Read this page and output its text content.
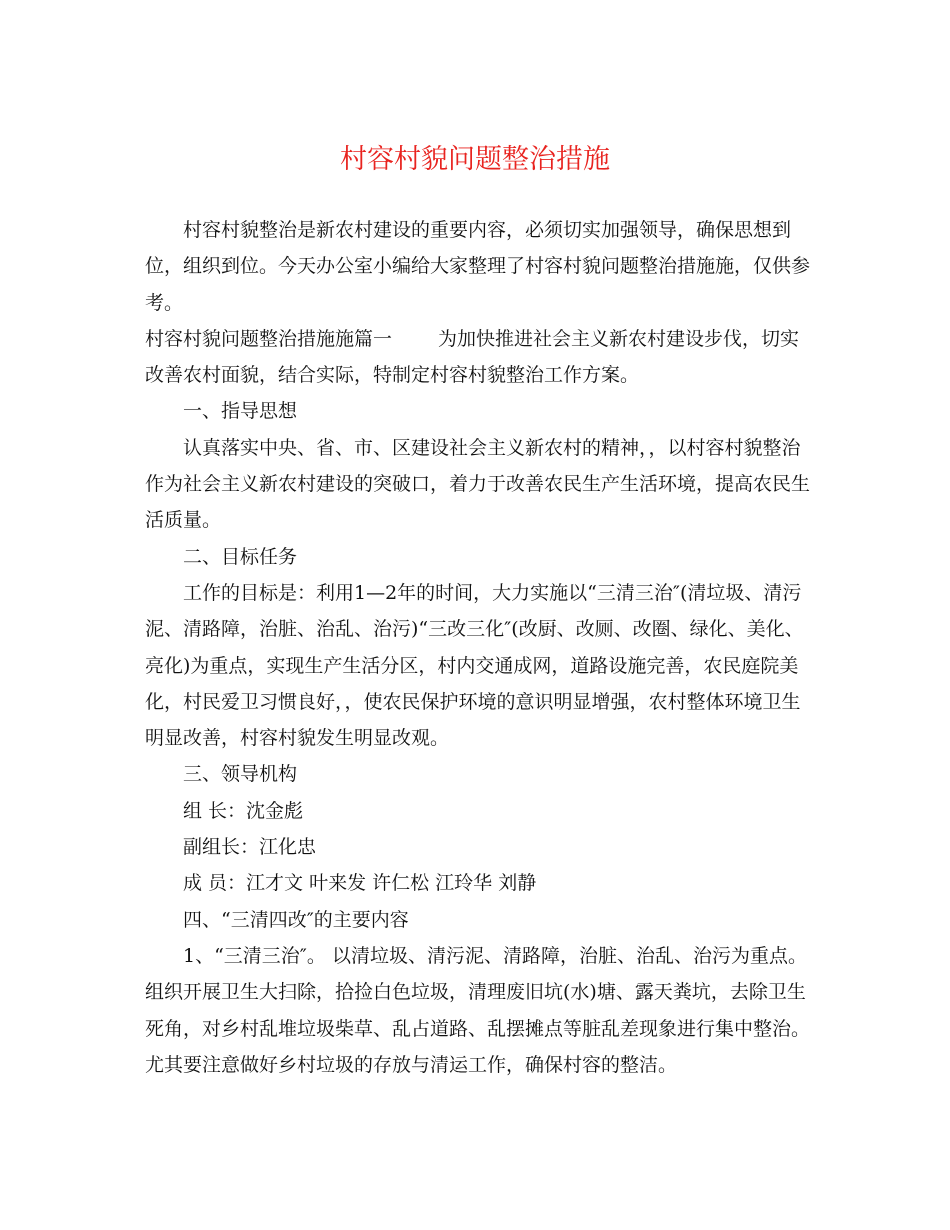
村容村貌问题整治措施

村容村貌整治是新农村建设的重要内容，必须切实加强领导，确保思想到位，组织到位。今天办公室小编给大家整理了村容村貌问题整治措施施，仅供参考。

村容村貌问题整治措施施篇一 为加快推进社会主义新农村建设步伐，切实改善农村面貌，结合实际，特制定村容村貌整治工作方案。

一、指导思想

认真落实中央、省、市、区建设社会主义新农村的精神，，以村容村貌整治作为社会主义新农村建设的突破口，着力于改善农民生产生活环境，提高农民生活质量。

二、目标任务

工作的目标是：利用1—2年的时间，大力实施以“三清三治″(清垃圾、清污泥、清路障，治脏、治乱、治污)“三改三化″(改厨、改厕、改圈、绿化、美化、亮化)为重点，实现生产生活分区，村内交通成网，道路设施完善，农民庭院美化，村民爱卫习惯良好，，使农民保护环境的意识明显增强，农村整体环境卫生明显改善，村容村貌发生明显改观。

三、领导机构

组 长：沈金彪

副组长：江化忠

成 员：江才文 叶来发 许仁松 江玲华 刘静

四、“三清四改″的主要内容

1、“三清三治″。 以清垃圾、清污泥、清路障，治脏、治乱、治污为重点。组织开展卫生大扫除，拾捡白色垃圾，清理废旧坑(水)塘、露天粪坑，去除卫生死角，对乡村乱堆垃圾柴草、乱占道路、乱摆摊点等脏乱差现象进行集中整治。尤其要注意做好乡村垃圾的存放与清运工作，确保村容的整洁。
